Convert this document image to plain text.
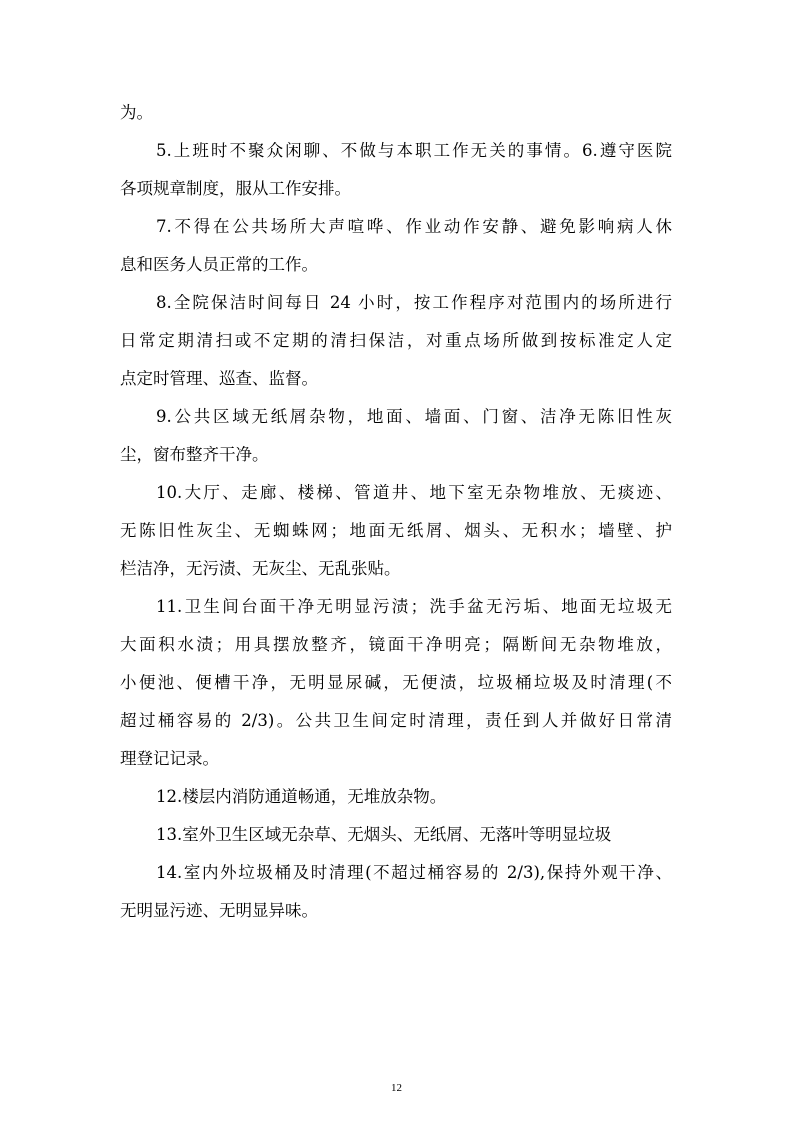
为。
5.上班时不聚众闲聊、不做与本职工作无关的事情。6.遵守医院
各项规章制度，服从工作安排。
7.不得在公共场所大声喧哗、作业动作安静、避免影响病人休
息和医务人员正常的工作。
8.全院保洁时间每日 24 小时，按工作程序对范围内的场所进行
日常定期清扫或不定期的清扫保洁，对重点场所做到按标准定人定
点定时管理、巡查、监督。
9.公共区域无纸屑杂物，地面、墙面、门窗、洁净无陈旧性灰
尘，窗布整齐干净。
10.大厅、走廊、楼梯、管道井、地下室无杂物堆放、无痰迹、
无陈旧性灰尘、无蜘蛛网；地面无纸屑、烟头、无积水；墙壁、护
栏洁净，无污渍、无灰尘、无乱张贴。
11.卫生间台面干净无明显污渍；洗手盆无污垢、地面无垃圾无
大面积水渍；用具摆放整齐，镜面干净明亮；隔断间无杂物堆放，
小便池、便槽干净，无明显尿碱，无便渍，垃圾桶垃圾及时清理(不
超过桶容易的 2/3)。公共卫生间定时清理，责任到人并做好日常清
理登记记录。
12.楼层内消防通道畅通，无堆放杂物。
13.室外卫生区域无杂草、无烟头、无纸屑、无落叶等明显垃圾
14.室内外垃圾桶及时清理(不超过桶容易的 2/3),保持外观干净、
无明显污迹、无明显异味。
12
